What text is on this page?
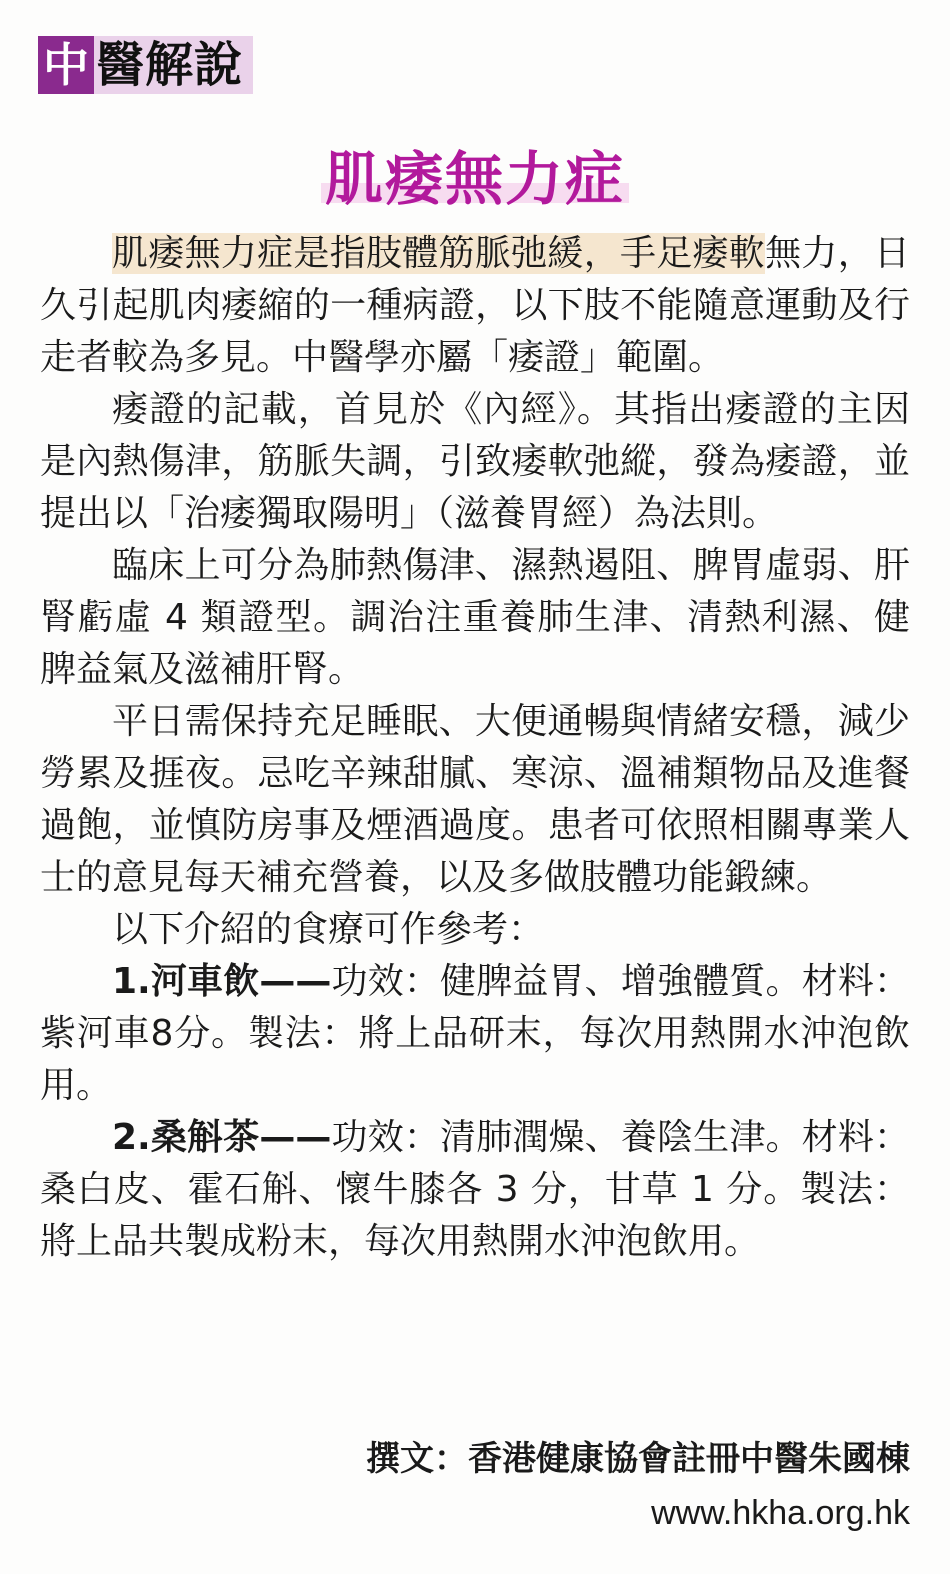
中 醫解說
肌痿無力症

肌痿無力症是指肢體筋脈弛緩，手足痿軟無力，日久引起肌肉痿縮的一種病證，以下肢不能隨意運動及行走者較為多見。中醫學亦屬「痿證」範圍。

痿證的記載，首見於《內經》。其指出痿證的主因是內熱傷津，筋脈失調，引致痿軟弛縱，發為痿證，並提出以「治痿獨取陽明」（滋養胃經）為法則。

臨床上可分為肺熱傷津、濕熱遏阻、脾胃虛弱、肝腎虧虛 4 類證型。調治注重養肺生津、清熱利濕、健脾益氣及滋補肝腎。

平日需保持充足睡眠、大便通暢與情緒安穩，減少勞累及捱夜。忌吃辛辣甜膩、寒涼、溫補類物品及進餐過飽，並慎防房事及煙酒過度。患者可依照相關專業人士的意見每天補充營養，以及多做肢體功能鍛練。

以下介紹的食療可作參考：

1.河車飲——功效：健脾益胃、增強體質。材料：紫河車8分。製法：將上品研末，每次用熱開水沖泡飲用。

2.桑斛茶——功效：清肺潤燥、養陰生津。材料：桑白皮、霍石斛、懷牛膝各 3 分，甘草 1 分。製法：將上品共製成粉末，每次用熱開水沖泡飲用。

撰文：香港健康協會註冊中醫朱國棟
www.hkha.org.hk
